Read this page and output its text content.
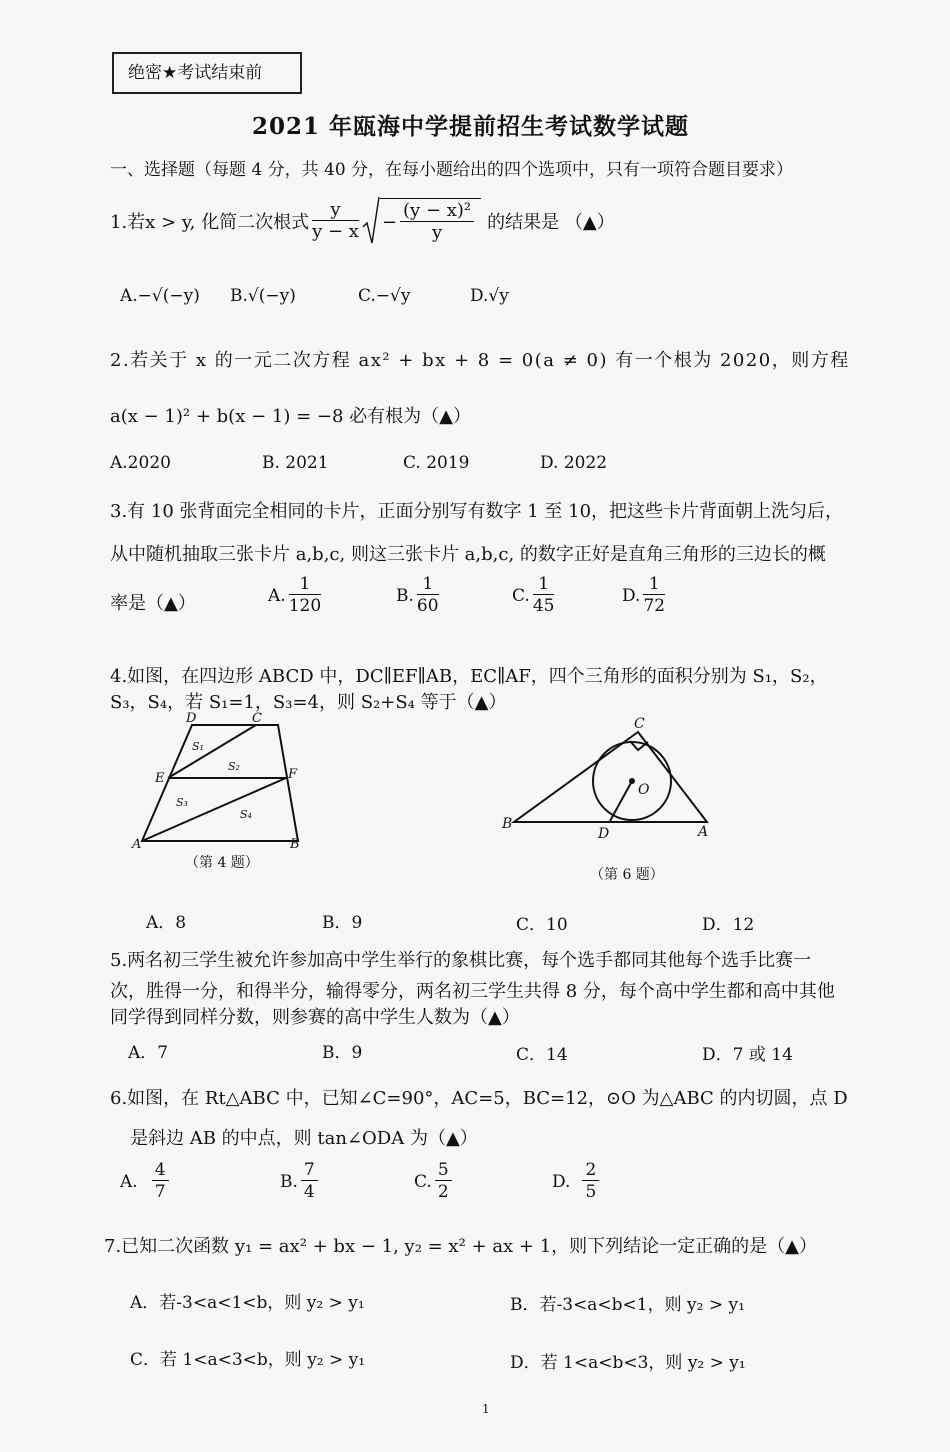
绝密★考试结束前
2021 年瓯海中学提前招生考试数学试题
一、选择题（每题 4 分，共 40 分，在每小题给出的四个选项中，只有一项符合题目要求）
1.若x > y, 化简二次根式 $\frac{y}{y - x} - \frac{\text{(y − x)²}}{y}$ 的结果是 （▲）
A.−√(−y) B.√(−y)	C.−√y	D.√y
2.若关于 x 的一元二次方程 ax² + bx + 8 = 0(a ≠ 0) 有一个根为 2020，则方程
a(x − 1)² + b(x − 1) = −8 必有根为（▲）
A.2020	B. 2021	C. 2019	D. 2022
3.有 10 张背面完全相同的卡片，正面分别写有数字 1 至 10，把这些卡片背面朝上洗匀后，
从中随机抽取三张卡片 a,b,c, 则这三张卡片 a,b,c, 的数字正好是直角三角形的三边长的概
率是（▲）	A. $\frac{1}{120}$	B. $\frac{1}{60}$	C. $\frac{1}{45}$	D. $\frac{1}{72}$
4.如图，在四边形 ABCD 中，DC∥EF∥AB，EC∥AF，四个三角形的面积分别为 S₁，S₂，
S₃，S₄，若 S₁=1，S₃=4，则 S₂+S₄ 等于（▲）
D	C
E	F
A	B
S₁
S₂
S₃
S₄
（第 4 题）
C
O
B
D	A
（第 6 题）
A．8	B．9	C．10	D．12
5.两名初三学生被允许参加高中学生举行的象棋比赛，每个选手都同其他每个选手比赛一
次，胜得一分，和得半分，输得零分，两名初三学生共得 8 分，每个高中学生都和高中其他
同学得到同样分数，则参赛的高中学生人数为（▲）
A．7	B．9	C．14	D．7 或 14
6.如图，在 Rt△ABC 中，已知∠C=90°，AC=5，BC=12，⊙O 为△ABC 的内切圆，点 D
是斜边 AB 的中点，则 tan∠ODA 为（▲）
A. $\frac{4}{7}$	B. $\frac{7}{4}$	C. $\frac{5}{2}$	D. $\frac{2}{5}$
7.已知二次函数 y₁ = ax² + bx − 1, y₂ = x² + ax + 1，则下列结论一定正确的是（▲）
A．若-3<a<1<b，则 y₂ > y₁	B．若-3<a<b<1，则 y₂ > y₁
C．若 1<a<3<b，则 y₂ > y₁	D．若 1<a<b<3，则 y₂ > y₁
1
